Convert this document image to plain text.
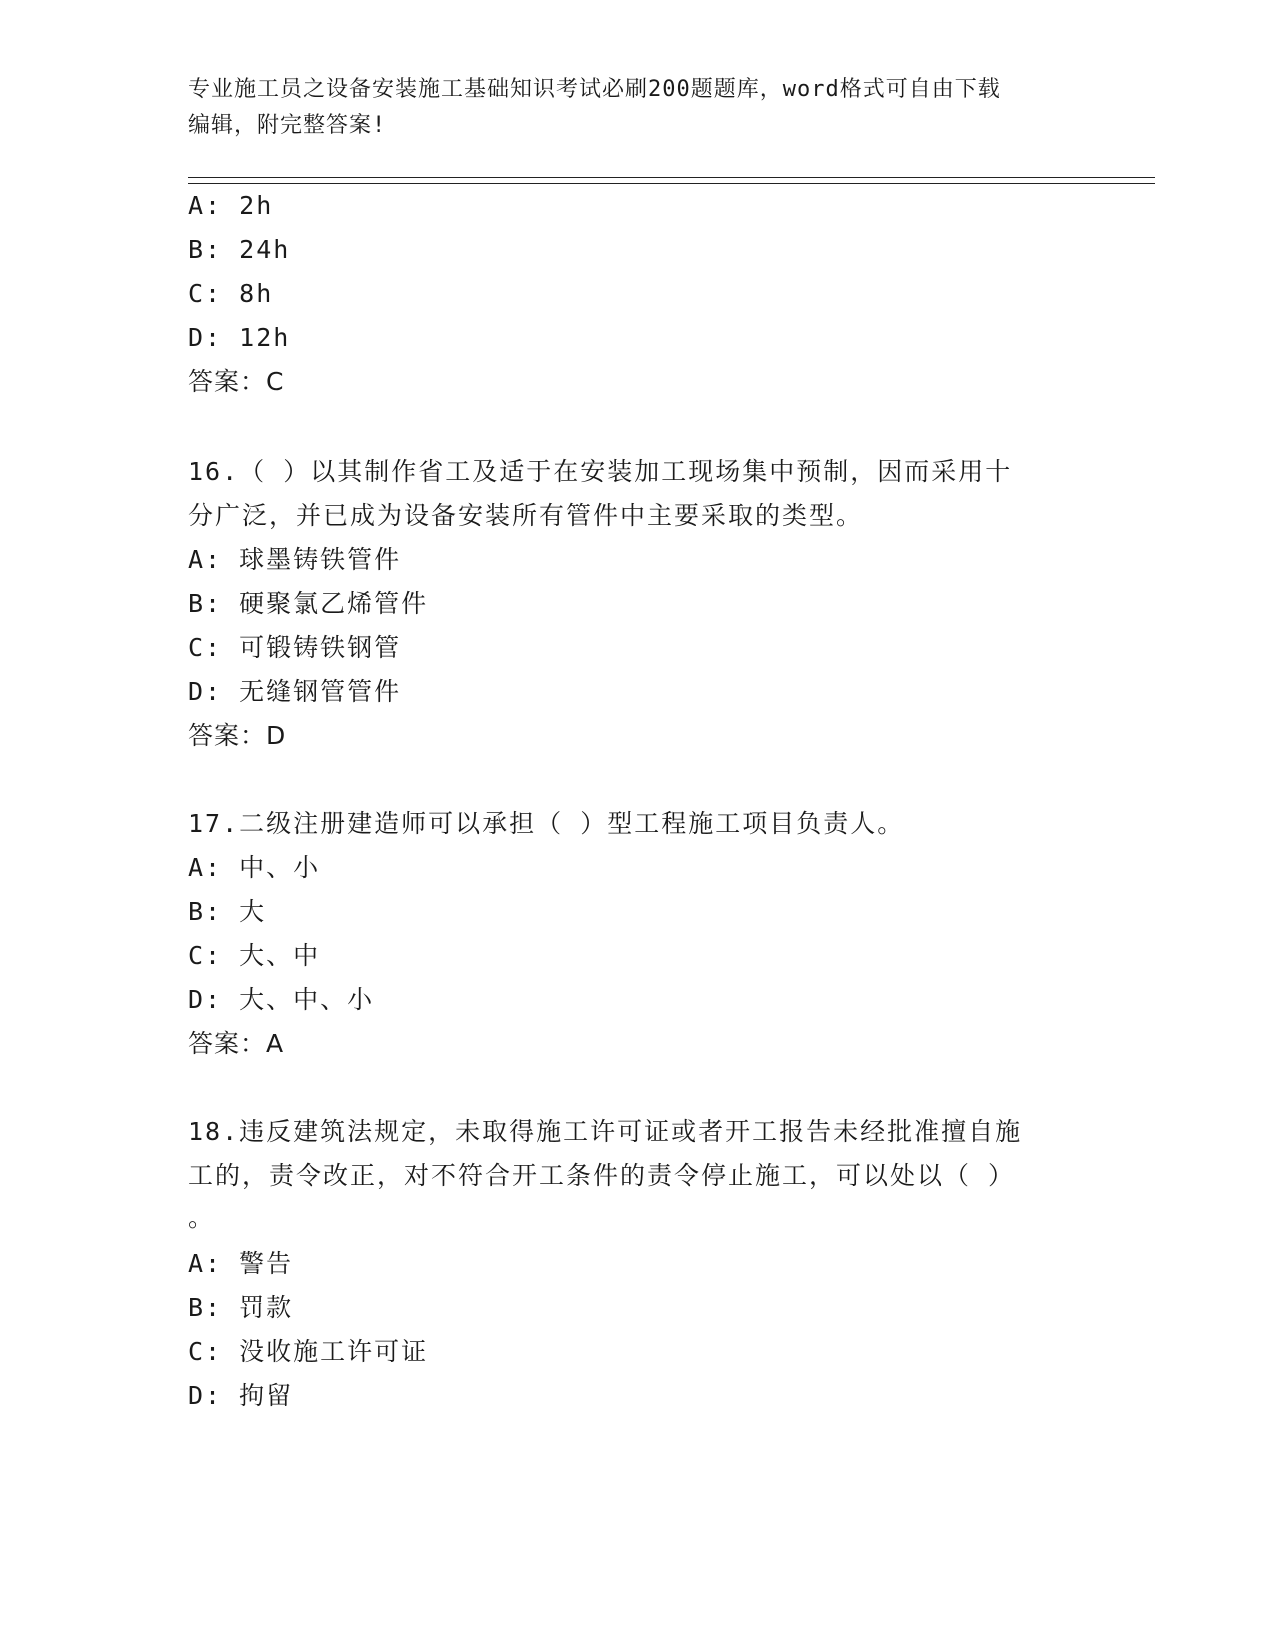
专业施工员之设备安装施工基础知识考试必刷200题题库，word格式可自由下载
编辑，附完整答案!
A: 2h
B: 24h
C: 8h
D: 12h
答案：C
16.（ ）以其制作省工及适于在安装加工现场集中预制，因而采用十
分广泛，并已成为设备安装所有管件中主要采取的类型。
A: 球墨铸铁管件
B: 硬聚氯乙烯管件
C: 可锻铸铁钢管
D: 无缝钢管管件
答案：D
17.二级注册建造师可以承担（ ）型工程施工项目负责人。
A: 中、小
B: 大
C: 大、中
D: 大、中、小
答案：A
18.违反建筑法规定，未取得施工许可证或者开工报告未经批准擅自施
工的，责令改正，对不符合开工条件的责令停止施工，可以处以（ ）
。
A: 警告
B: 罚款
C: 没收施工许可证
D: 拘留
